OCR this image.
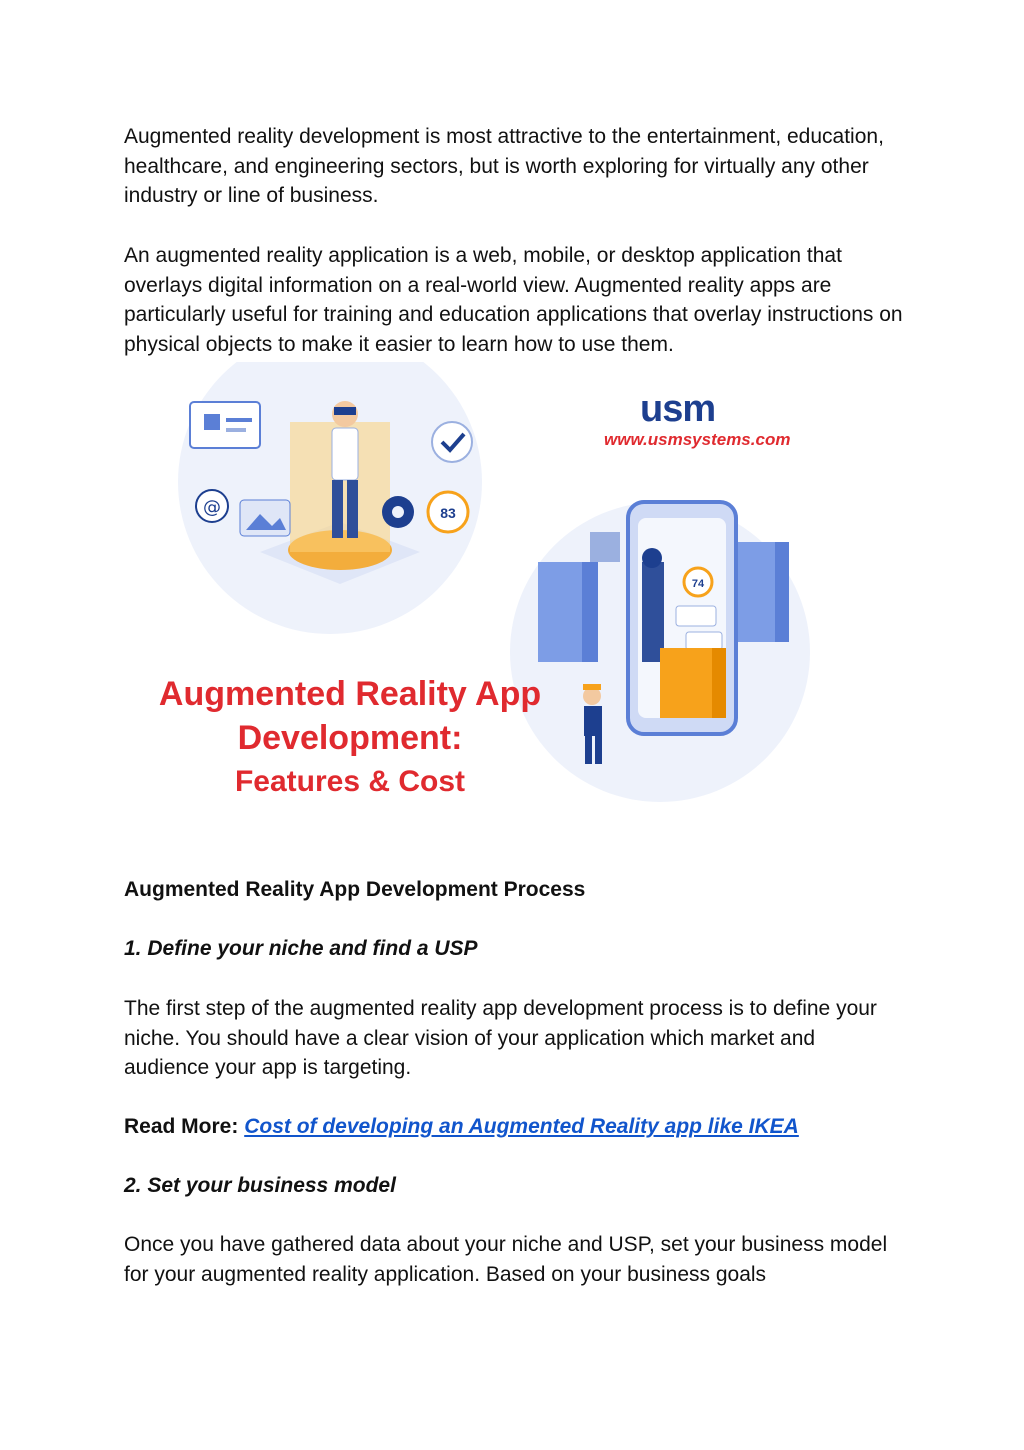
Augmented reality development is most attractive to the entertainment, education, healthcare, and engineering sectors, but is worth exploring for virtually any other industry or line of business.

An augmented reality application is a web, mobile, or desktop application that overlays digital information on a real-world view. Augmented reality apps are particularly useful for training and education applications that overlay instructions on physical objects to make it easier to learn how to use them.

@	83
74
usm
www.usmsystems.com
Augmented Reality App
Development:
Features & Cost
Augmented Reality App Development Process
1. Define your niche and find a USP

The first step of the augmented reality app development process is to define your niche. You should have a clear vision of your application which market and audience your app is targeting.

Read More: Cost of developing an Augmented Reality app like IKEA

2. Set your business model

Once you have gathered data about your niche and USP, set your business model for your augmented reality application. Based on your business goals
